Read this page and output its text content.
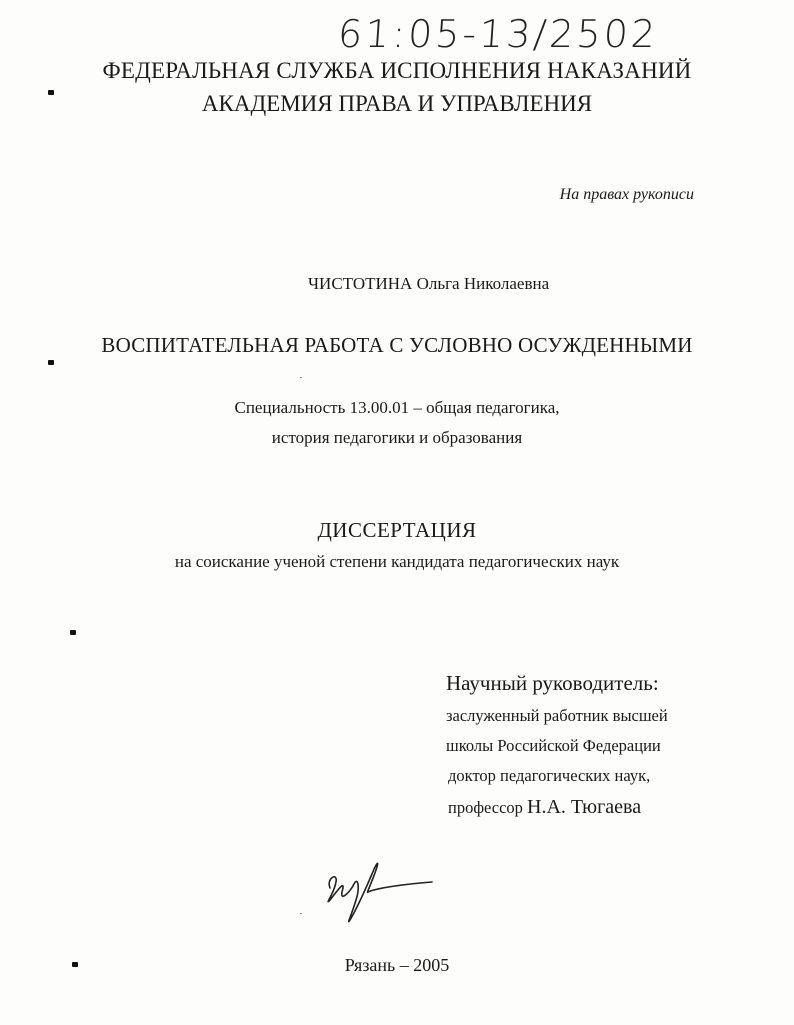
61:05-13/2502
ФЕДЕРАЛЬНАЯ СЛУЖБА ИСПОЛНЕНИЯ НАКАЗАНИЙ
АКАДЕМИЯ ПРАВА И УПРАВЛЕНИЯ
На правах рукописи
ЧИСТОТИНА Ольга Николаевна
ВОСПИТАТЕЛЬНАЯ РАБОТА С УСЛОВНО ОСУЖДЕННЫМИ
Специальность 13.00.01 – общая педагогика,
история педагогики и образования
ДИССЕРТАЦИЯ
на соискание ученой степени кандидата педагогических наук
Научный руководитель:
заслуженный работник высшей
школы Российской Федерации
доктор педагогических наук,
профессор Н.А. Тюгаева
Рязань – 2005
